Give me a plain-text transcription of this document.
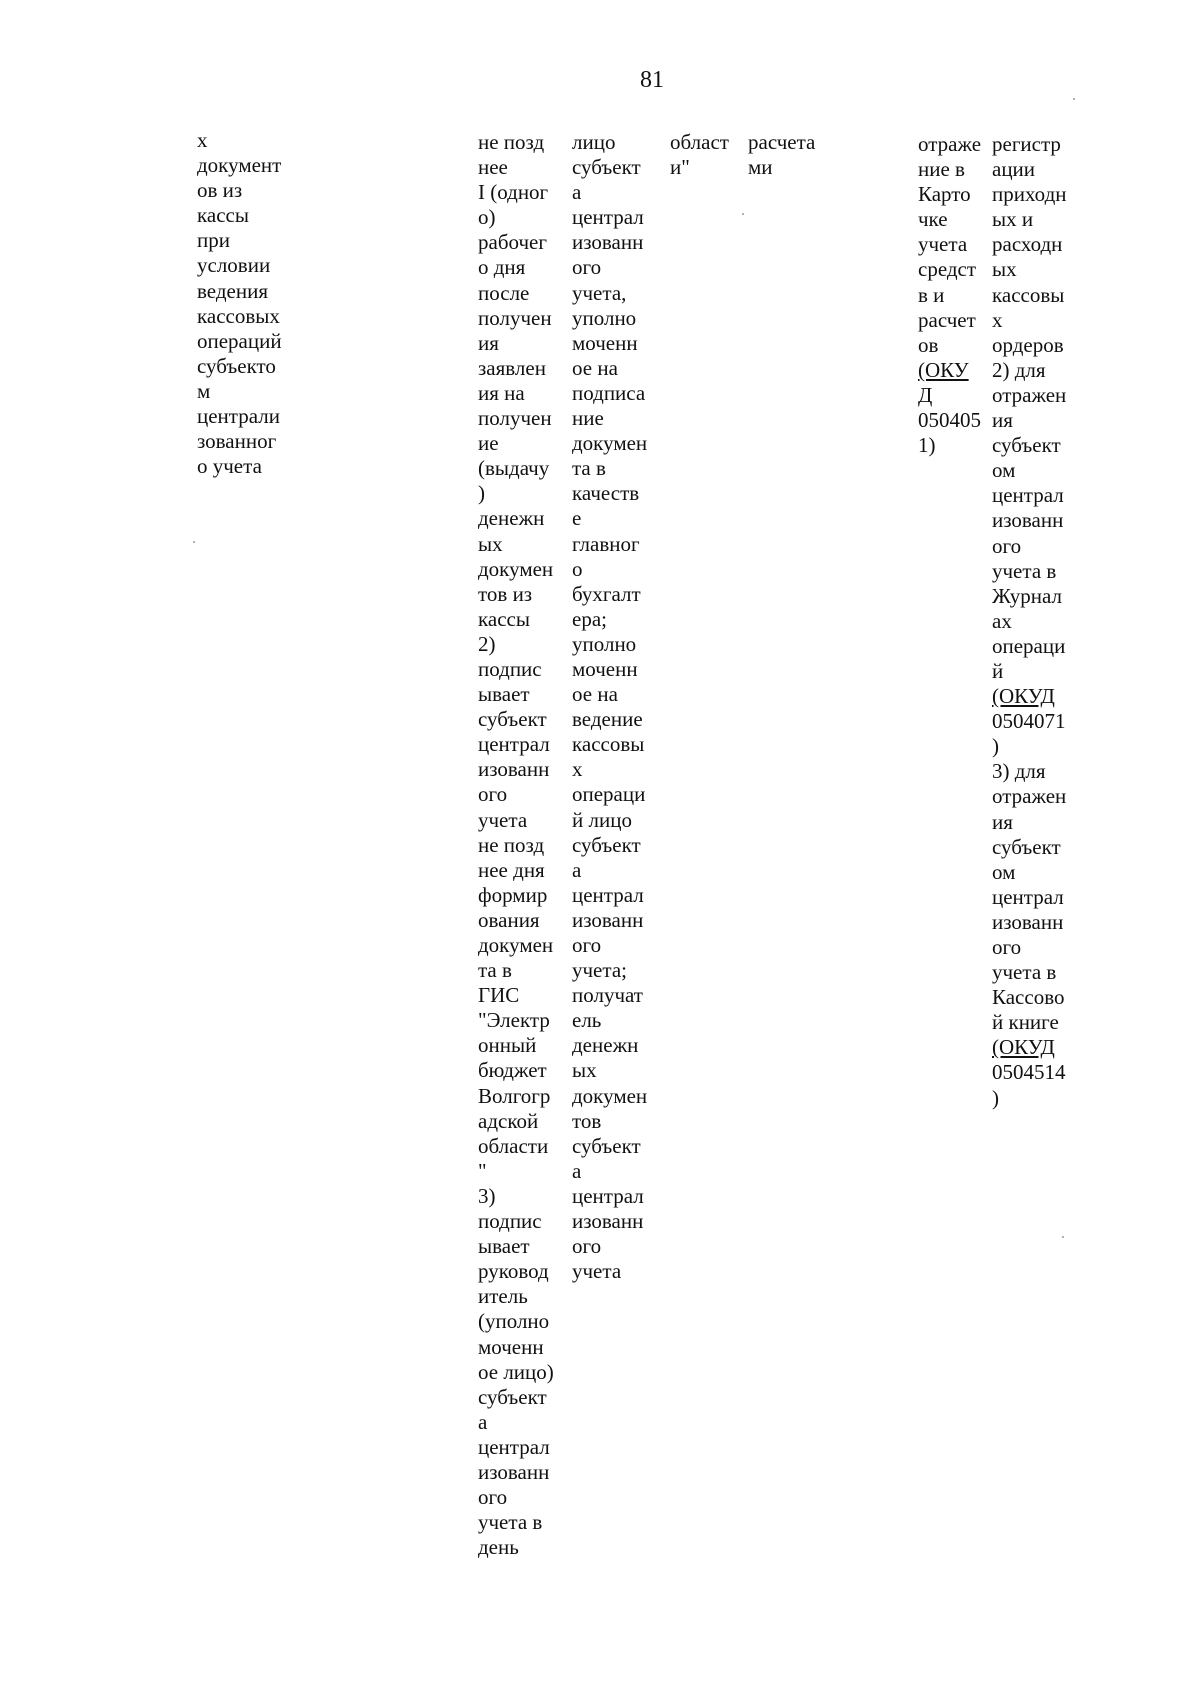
81
х
документ
ов из
кассы
при
условии
ведения
кассовых
операций
субъекто
м
централи
зованног
о учета
не позд
нее
I (одног
о)
рабочег
о дня
после
получен
ия
заявлен
ия на
получен
ие
(выдачу
)
денежн
ых
докумен
тов из
кассы
2)
подпис
ывает
субъект
централ
изованн
ого
учета
не позд
нее дня
формир
ования
докумен
та в
ГИС
"Электр
онный
бюджет
Волгогр
адской
области
"
3)
подпис
ывает
руковод
итель
(уполно
моченн
ое лицо)
субъект
а
централ
изованн
ого
учета в
день
лицо
субъект
а
централ
изованн
ого
учета,
уполно
моченн
ое на
подписа
ние
докумен
та в
качеств
е
главног
о
бухгалт
ера;
уполно
моченн
ое на
ведение
кассовы
х
операци
й лицо
субъект
а
централ
изованн
ого
учета;
получат
ель
денежн
ых
докумен
тов
субъект
а
централ
изованн
ого
учета
област
и"
расчета
ми
отраже
ние в
Карто
чке
учета
средст
в и
расчет
ов
(ОКУ
Д
050405
1)
регистр
ации
приходн
ых и
расходн
ых
кассовы
х
ордеров
2) для
отражен
ия
субъект
ом
централ
изованн
ого
учета в
Журнал
ах
операци
й
(ОКУД
0504071
)
3) для
отражен
ия
субъект
ом
централ
изованн
ого
учета в
Кассово
й книге
(ОКУД
0504514
)
